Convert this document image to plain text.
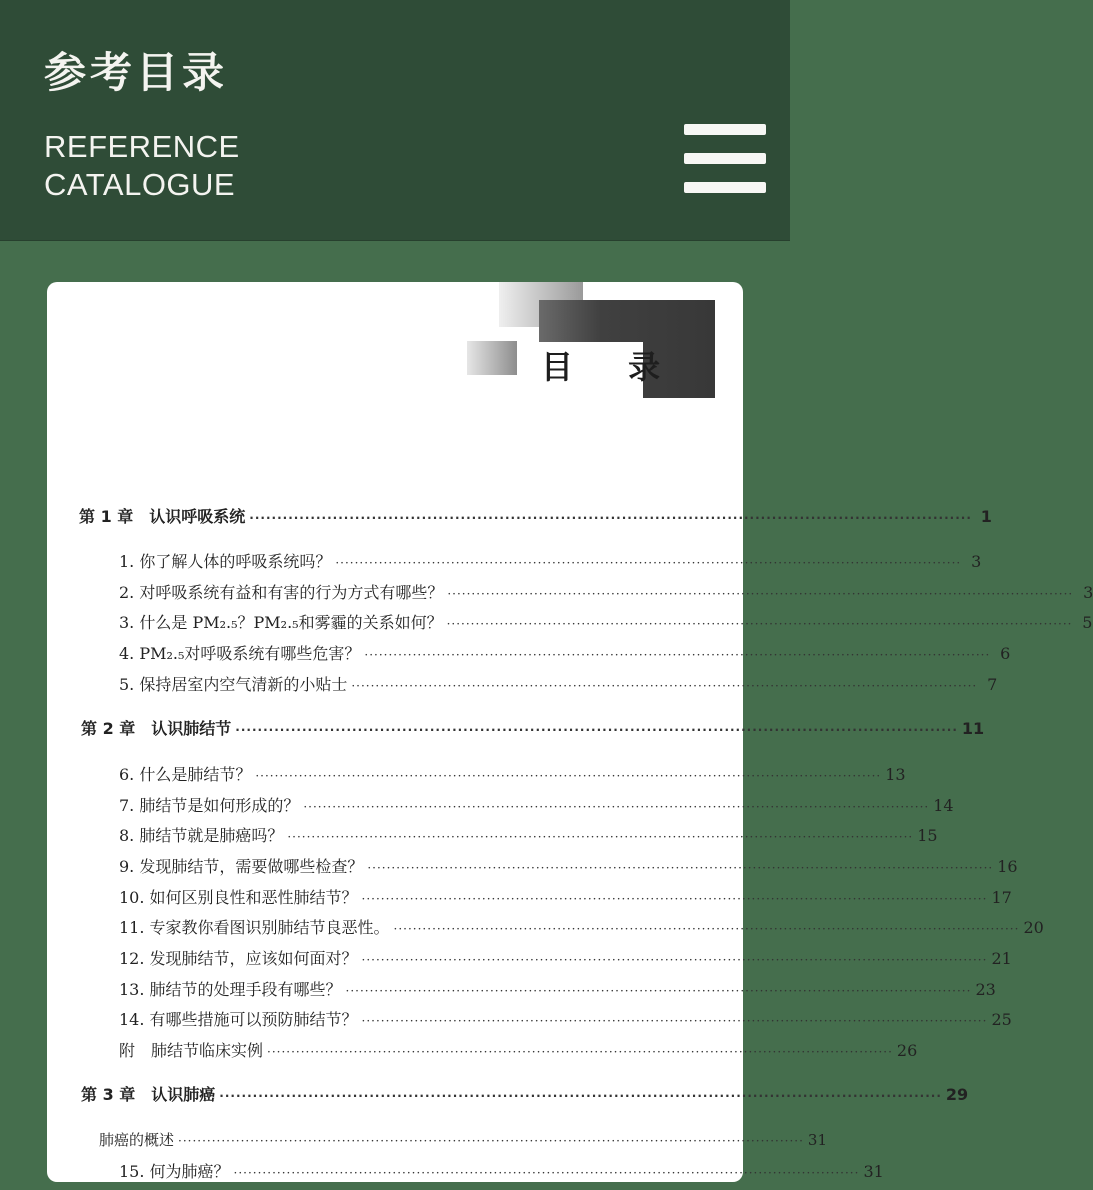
参考目录
REFERENCE
CATALOGUE
目 录
第 1 章　认识呼吸系统 ·································································································································· 1
1. 你了解人体的呼吸系统吗？ ·································································································································· 3
2. 对呼吸系统有益和有害的行为方式有哪些？ ·································································································································· 3
3. 什么是 PM₂.₅？PM₂.₅和雾霾的关系如何？ ·································································································································· 5
4. PM₂.₅对呼吸系统有哪些危害？ ·································································································································· 6
5. 保持居室内空气清新的小贴士 ·································································································································· 7
第 2 章　认识肺结节 ·································································································································· 11
6. 什么是肺结节？ ·································································································································· 13
7. 肺结节是如何形成的？ ·································································································································· 14
8. 肺结节就是肺癌吗？ ·································································································································· 15
9. 发现肺结节，需要做哪些检查？ ·································································································································· 16
10. 如何区别良性和恶性肺结节？ ·································································································································· 17
11. 专家教你看图识别肺结节良恶性。 ·································································································································· 20
12. 发现肺结节，应该如何面对？ ·································································································································· 21
13. 肺结节的处理手段有哪些？ ·································································································································· 23
14. 有哪些措施可以预防肺结节？ ·································································································································· 25
附　肺结节临床实例 ·································································································································· 26
第 3 章　认识肺癌 ·································································································································· 29
肺癌的概述 ·································································································································· 31
15. 何为肺癌？ ·································································································································· 31
